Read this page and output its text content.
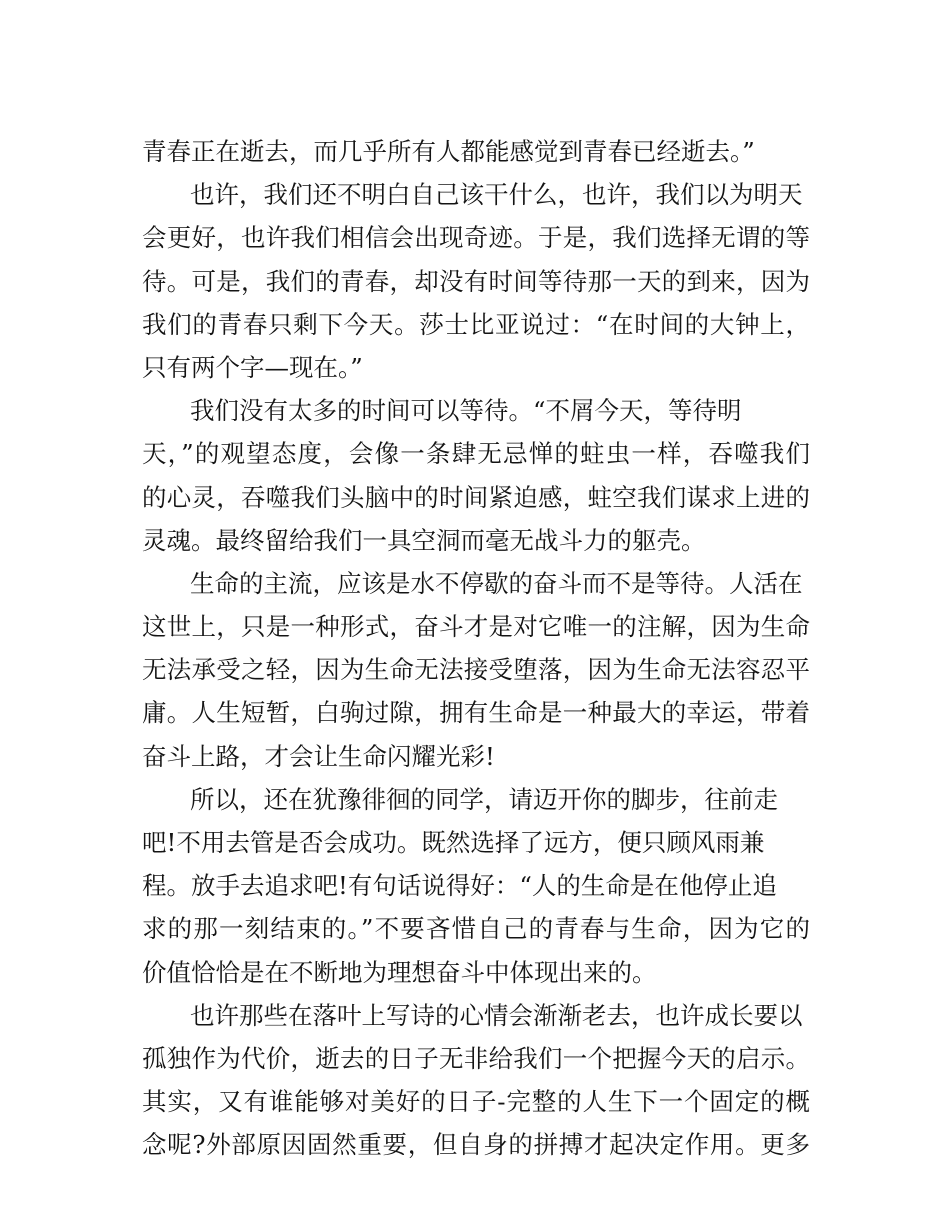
青春正在逝去，而几乎所有人都能感觉到青春已经逝去。”
也许，我们还不明白自己该干什么，也许，我们以为明天
会更好，也许我们相信会出现奇迹。于是，我们选择无谓的等
待。可是，我们的青春，却没有时间等待那一天的到来，因为
我们的青春只剩下今天。莎士比亚说过：“在时间的大钟上，
只有两个字—现在。”
我们没有太多的时间可以等待。“不屑今天，等待明
天，”的观望态度，会像一条肆无忌惮的蛀虫一样，吞噬我们
的心灵，吞噬我们头脑中的时间紧迫感，蛀空我们谋求上进的
灵魂。最终留给我们一具空洞而毫无战斗力的躯壳。
生命的主流，应该是水不停歇的奋斗而不是等待。人活在
这世上，只是一种形式，奋斗才是对它唯一的注解，因为生命
无法承受之轻，因为生命无法接受堕落，因为生命无法容忍平
庸。人生短暂，白驹过隙，拥有生命是一种最大的幸运，带着
奋斗上路，才会让生命闪耀光彩!
所以，还在犹豫徘徊的同学，请迈开你的脚步，往前走
吧!不用去管是否会成功。既然选择了远方，便只顾风雨兼
程。放手去追求吧!有句话说得好：“人的生命是在他停止追
求的那一刻结束的。”不要吝惜自己的青春与生命，因为它的
价值恰恰是在不断地为理想奋斗中体现出来的。
也许那些在落叶上写诗的心情会渐渐老去，也许成长要以
孤独作为代价，逝去的日子无非给我们一个把握今天的启示。
其实，又有谁能够对美好的日子-完整的人生下一个固定的概
念呢?外部原因固然重要，但自身的拼搏才起决定作用。更多
